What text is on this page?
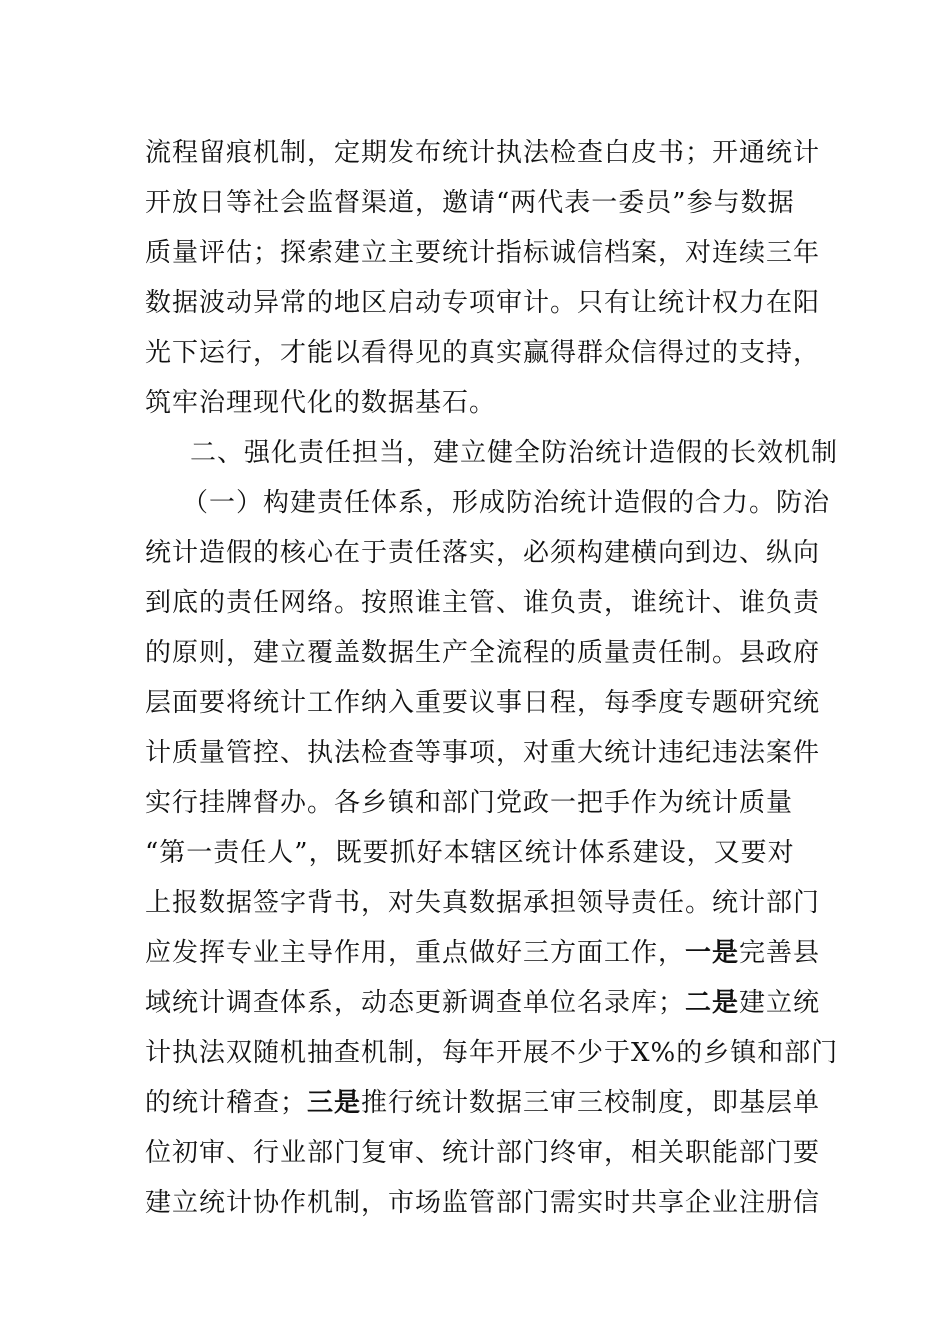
流程留痕机制，定期发布统计执法检查白皮书；开通统计
开放日等社会监督渠道，邀请“两代表一委员”参与数据
质量评估；探索建立主要统计指标诚信档案，对连续三年
数据波动异常的地区启动专项审计。只有让统计权力在阳
光下运行，才能以看得见的真实赢得群众信得过的支持，
筑牢治理现代化的数据基石。
二、强化责任担当，建立健全防治统计造假的长效机制
（一）构建责任体系，形成防治统计造假的合力。防治
统计造假的核心在于责任落实，必须构建横向到边、纵向
到底的责任网络。按照谁主管、谁负责，谁统计、谁负责
的原则，建立覆盖数据生产全流程的质量责任制。县政府
层面要将统计工作纳入重要议事日程，每季度专题研究统
计质量管控、执法检查等事项，对重大统计违纪违法案件
实行挂牌督办。各乡镇和部门党政一把手作为统计质量
“第一责任人”，既要抓好本辖区统计体系建设，又要对
上报数据签字背书，对失真数据承担领导责任。统计部门
应发挥专业主导作用，重点做好三方面工作，一是完善县
域统计调查体系，动态更新调查单位名录库；二是建立统
计执法双随机抽查机制，每年开展不少于X%的乡镇和部门
的统计稽查；三是推行统计数据三审三校制度，即基层单
位初审、行业部门复审、统计部门终审，相关职能部门要
建立统计协作机制，市场监管部门需实时共享企业注册信
